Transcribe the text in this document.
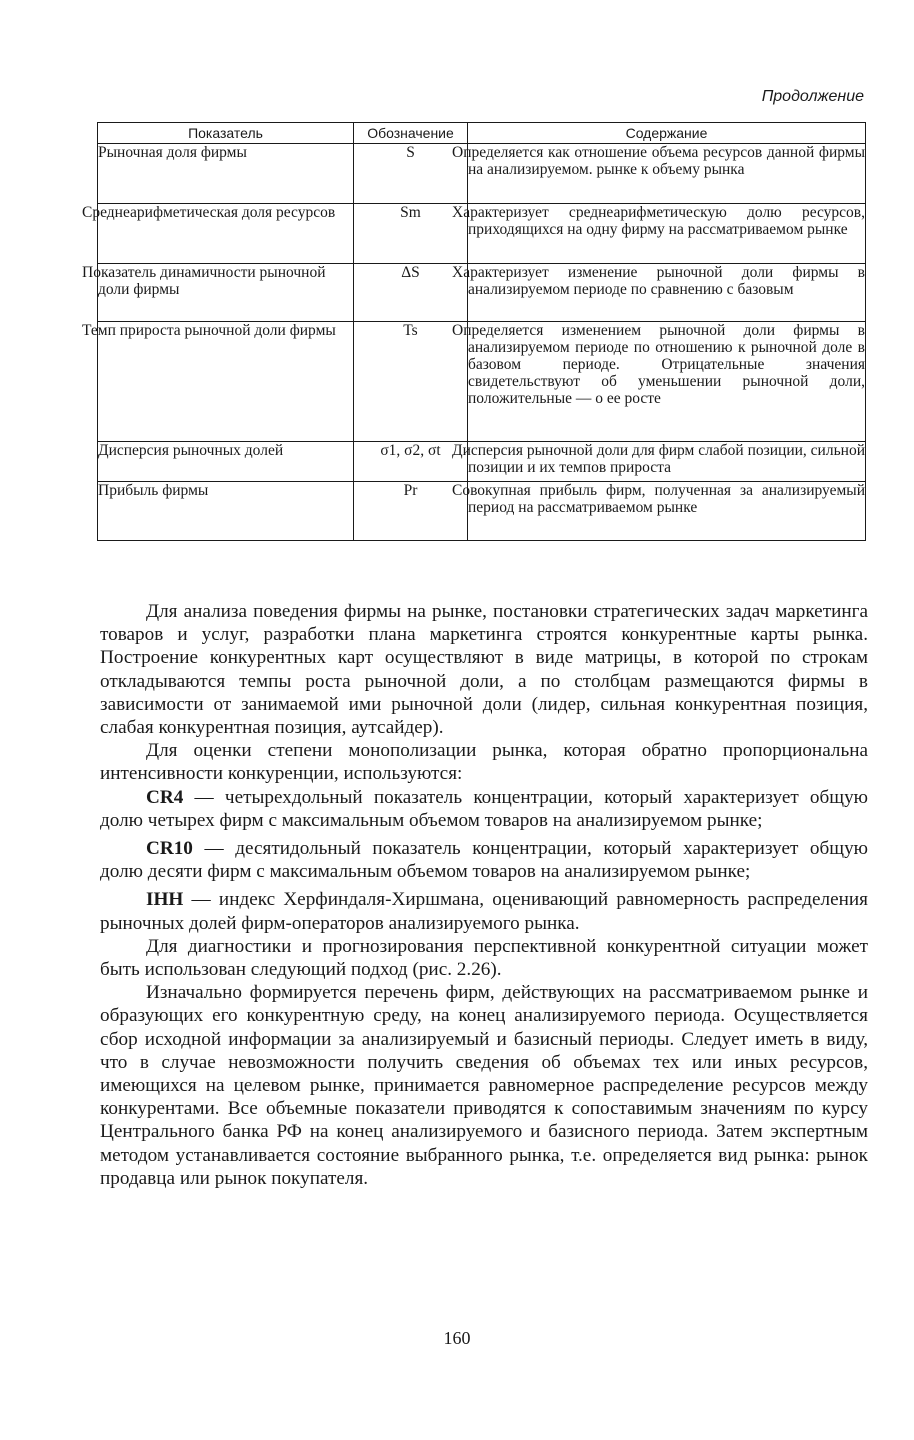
Продолжение
Показатель	Обозначение	Содержание
Рыночная доля фирмы	S	Определяется как отношение объема ресурсов данной фирмы на анализируемом. рынке к объему рынка
Среднеарифметическая доля ресурсов	Sm	Характеризует среднеарифметическую долю ресурсов, приходящихся на одну фирму на рассматриваемом рынке
Показатель динамичности рыночной доли фирмы	ΔS	Характеризует изменение рыночной доли фирмы в анализируемом периоде по сравнению с базовым
Темп прироста рыночной доли фирмы	Ts	Определяется изменением рыночной доли фирмы в анализируемом периоде по отношению к рыночной доле в базовом периоде. Отрицательные значения свидетельствуют об уменьшении рыночной доли, положительные — о ее росте
Дисперсия рыночных долей	σ1, σ2, σt	Дисперсия рыночной доли для фирм слабой позиции, сильной позиции и их темпов прироста
Прибыль фирмы	Pr	Совокупная прибыль фирм, полученная за анализируемый период на рассматриваемом рынке

Для анализа поведения фирмы на рынке, постановки стратегических задач маркетинга товаров и услуг, разработки плана маркетинга строятся конкурентные карты рынка. Построение конкурентных карт осуществляют в виде матрицы, в которой по строкам откладываются темпы роста рыночной доли, а по столбцам размещаются фирмы в зависимости от занимаемой ими рыночной доли (лидер, сильная конкурентная позиция, слабая конкурентная позиция, аутсайдер).

Для оценки степени монополизации рынка, которая обратно пропорциональна интенсивности конкуренции, используются:

CR4 — четырехдольный показатель концентрации, который характеризует общую долю четырех фирм с максимальным объемом товаров на анализируемом рынке;

CR10 — десятидольный показатель концентрации, который характеризует общую долю десяти фирм с максимальным объемом товаров на анализируемом рынке;

IHH — индекс Херфиндаля-Хиршмана, оценивающий равномерность распределения рыночных долей фирм-операторов анализируемого рынка.

Для диагностики и прогнозирования перспективной конкурентной ситуации может быть использован следующий подход (рис. 2.26).

Изначально формируется перечень фирм, действующих на рассматриваемом рынке и образующих его конкурентную среду, на конец анализируемого периода. Осуществляется сбор исходной информации за анализируемый и базисный периоды. Следует иметь в виду, что в случае невозможности получить сведения об объемах тех или иных ресурсов, имеющихся на целевом рынке, принимается равномерное распределение ресурсов между конкурентами. Все объемные показатели приводятся к сопоставимым значениям по курсу Центрального банка РФ на конец анализируемого и базисного периода. Затем экспертным методом устанавливается состояние выбранного рынка, т.е. определяется вид рынка: рынок продавца или рынок покупателя.

160
